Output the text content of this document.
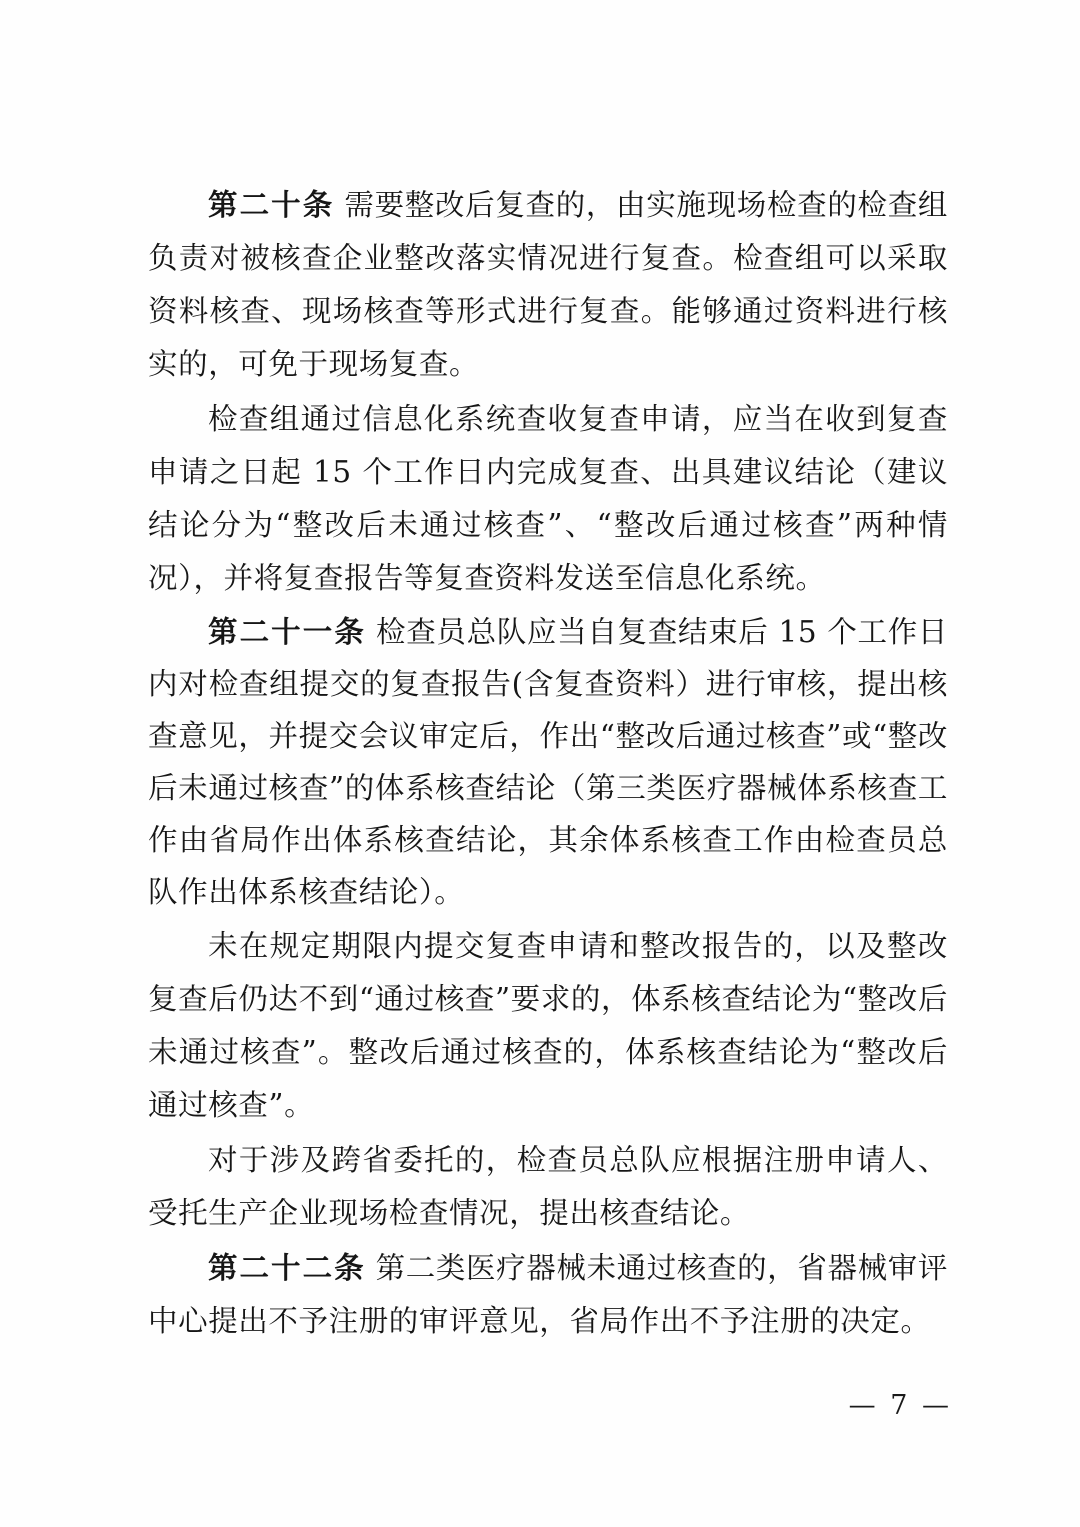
第二十条 需要整改后复查的，由实施现场检查的检查组负责对被核查企业整改落实情况进行复查。检查组可以采取资料核查、现场核查等形式进行复查。能够通过资料进行核实的，可免于现场复查。

检查组通过信息化系统查收复查申请，应当在收到复查申请之日起 15 个工作日内完成复查、出具建议结论（建议结论分为“整改后未通过核查”、“整改后通过核查”两种情况），并将复查报告等复查资料发送至信息化系统。

第二十一条 检查员总队应当自复查结束后 15 个工作日内对检查组提交的复查报告(含复查资料）进行审核，提出核查意见，并提交会议审定后，作出“整改后通过核查”或“整改后未通过核查”的体系核查结论（第三类医疗器械体系核查工作由省局作出体系核查结论，其余体系核查工作由检查员总队作出体系核查结论）。

未在规定期限内提交复查申请和整改报告的，以及整改复查后仍达不到“通过核查”要求的，体系核查结论为“整改后未通过核查”。整改后通过核查的，体系核查结论为“整改后通过核查”。

对于涉及跨省委托的，检查员总队应根据注册申请人、受托生产企业现场检查情况，提出核查结论。

第二十二条 第二类医疗器械未通过核查的，省器械审评中心提出不予注册的审评意见，省局作出不予注册的决定。

— 7 —
